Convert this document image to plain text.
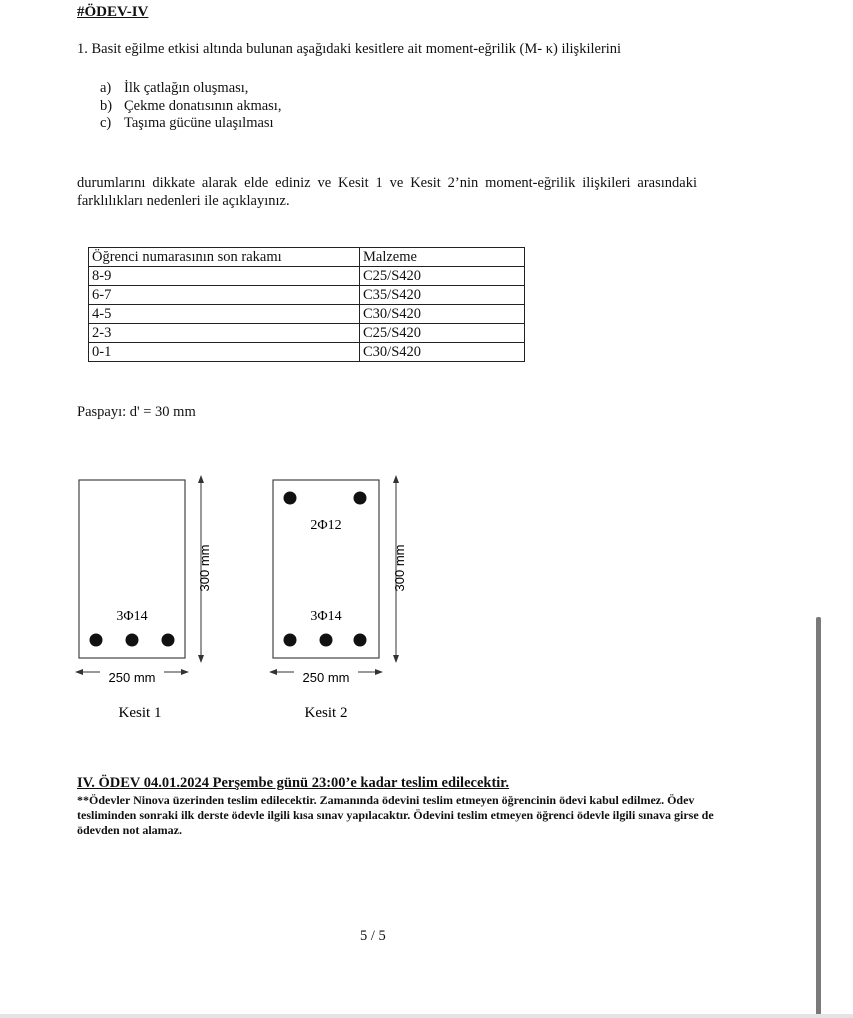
#ÖDEV-IV
1. Basit eğilme etkisi altında bulunan aşağıdaki kesitlere ait moment-eğrilik (M- κ) ilişkilerini
a) İlk çatlağın oluşması,
b) Çekme donatısının akması,
c) Taşıma gücüne ulaşılması
durumlarını dikkate alarak elde ediniz ve Kesit 1 ve Kesit 2’nin moment-eğrilik ilişkileri arasındaki farklılıkları nedenleri ile açıklayınız.
Öğrenci numarasının son rakamı	Malzeme
8-9	C25/S420
6-7	C35/S420
4-5	C30/S420
2-3	C25/S420
0-1	C30/S420
Paspayı: d' = 30 mm
3Φ14
300 mm
250 mm
Kesit 1
2Φ12
3Φ14
300 mm
250 mm
Kesit 2
IV. ÖDEV 04.01.2024 Perşembe günü 23:00’e kadar teslim edilecektir.
**Ödevler Ninova üzerinden teslim edilecektir. Zamanında ödevini teslim etmeyen öğrencinin ödevi kabul edilmez. Ödev tesliminden sonraki ilk derste ödevle ilgili kısa sınav yapılacaktır. Ödevini teslim etmeyen öğrenci ödevle ilgili sınava girse de ödevden not alamaz.
5 / 5
